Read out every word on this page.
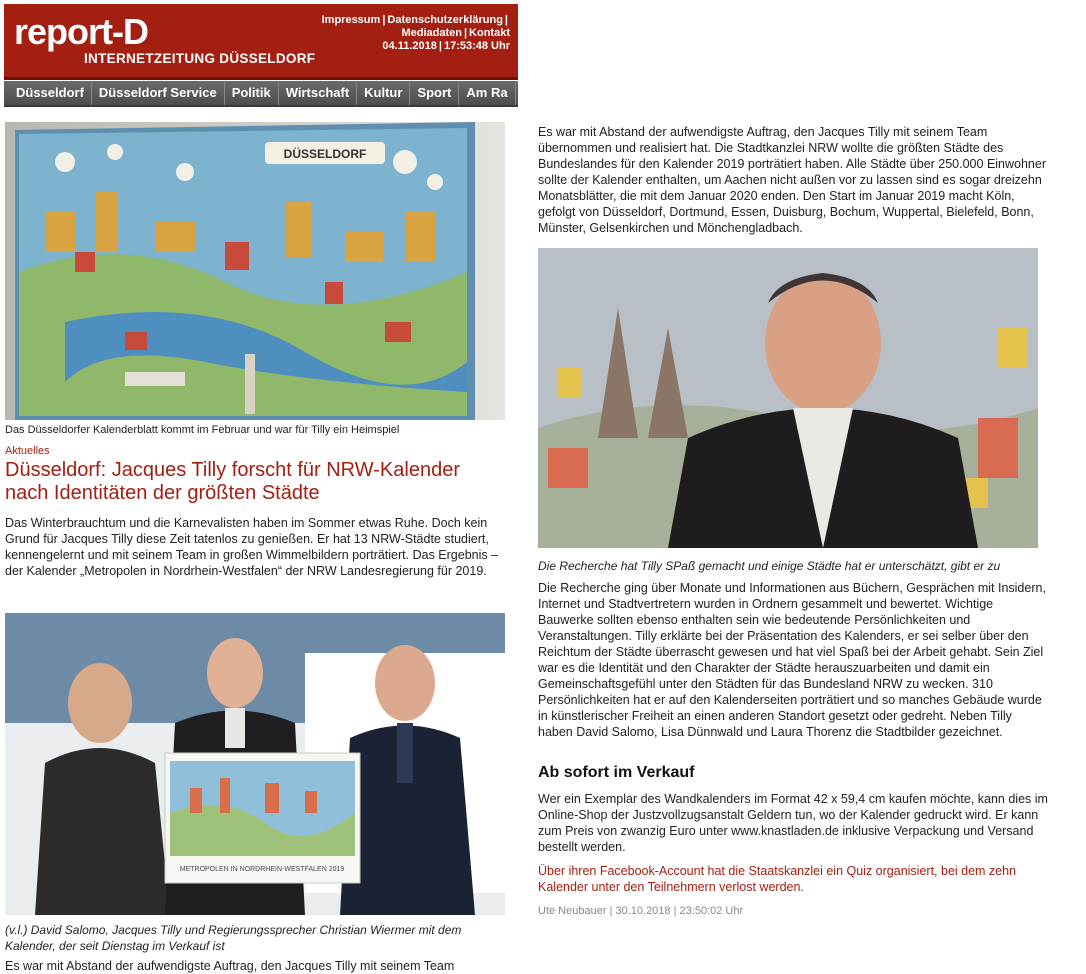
report-D
INTERNETZEITUNG DÜSSELDORF
Impressum | Datenschutzerklärung |
Mediadaten | Kontakt
04.11.2018 | 17:53:48 Uhr
Düsseldorf Düsseldorf Service Politik Wirtschaft Kultur Sport Am Ra
DÜSSELDORF
Das Düsseldorfer Kalenderblatt kommt im Februar und war für Tilly ein Heimspiel
Aktuelles
Düsseldorf: Jacques Tilly forscht für NRW-Kalender nach Identitäten der größten Städte

Das Winterbrauchtum und die Karnevalisten haben im Sommer etwas Ruhe. Doch kein Grund für Jacques Tilly diese Zeit tatenlos zu genießen. Er hat 13 NRW-Städte studiert, kennengelernt und mit seinem Team in großen Wimmelbildern porträtiert. Das Ergebnis – der Kalender „Metropolen in Nordrhein-Westfalen“ der NRW Landesregierung für 2019.

METROPOLEN IN NORDRHEIN-WESTFALEN 2019
(v.l.) David Salomo, Jacques Tilly und Regierungssprecher Christian Wiermer mit dem Kalender, der seit Dienstag im Verkauf ist
Es war mit Abstand der aufwendigste Auftrag, den Jacques Tilly mit seinem Team

Es war mit Abstand der aufwendigste Auftrag, den Jacques Tilly mit seinem Team übernommen und realisiert hat. Die Stadtkanzlei NRW wollte die größten Städte des Bundeslandes für den Kalender 2019 porträtiert haben. Alle Städte über 250.000 Einwohner sollte der Kalender enthalten, um Aachen nicht außen vor zu lassen sind es sogar dreizehn Monatsblätter, die mit dem Januar 2020 enden. Den Start im Januar 2019 macht Köln, gefolgt von Düsseldorf, Dortmund, Essen, Duisburg, Bochum, Wuppertal, Bielefeld, Bonn, Münster, Gelsenkirchen und Mönchengladbach.

Die Recherche hat Tilly SPaß gemacht und einige Städte hat er unterschätzt, gibt er zu

Die Recherche ging über Monate und Informationen aus Büchern, Gesprächen mit Insidern, Internet und Stadtvertretern wurden in Ordnern gesammelt und bewertet. Wichtige Bauwerke sollten ebenso enthalten sein wie bedeutende Persönlichkeiten und Veranstaltungen. Tilly erklärte bei der Präsentation des Kalenders, er sei selber über den Reichtum der Städte überrascht gewesen und hat viel Spaß bei der Arbeit gehabt. Sein Ziel war es die Identität und den Charakter der Städte herauszuarbeiten und damit ein Gemeinschaftsgefühl unter den Städten für das Bundesland NRW zu wecken. 310 Persönlichkeiten hat er auf den Kalenderseiten porträtiert und so manches Gebäude wurde in künstlerischer Freiheit an einen anderen Standort gesetzt oder gedreht. Neben Tilly haben David Salomo, Lisa Dünnwald und Laura Thorenz die Stadtbilder gezeichnet.

Ab sofort im Verkauf

Wer ein Exemplar des Wandkalenders im Format 42 x 59,4 cm kaufen möchte, kann dies im Online-Shop der Justzvollzugsanstalt Geldern tun, wo der Kalender gedruckt wird. Er kann zum Preis von zwanzig Euro unter www.knastladen.de inklusive Verpackung und Versand bestellt werden.

Über ihren Facebook-Account hat die Staatskanzlei ein Quiz organisiert, bei dem zehn Kalender unter den Teilnehmern verlost werden.

Ute Neubauer | 30.10.2018 | 23:50:02 Uhr
